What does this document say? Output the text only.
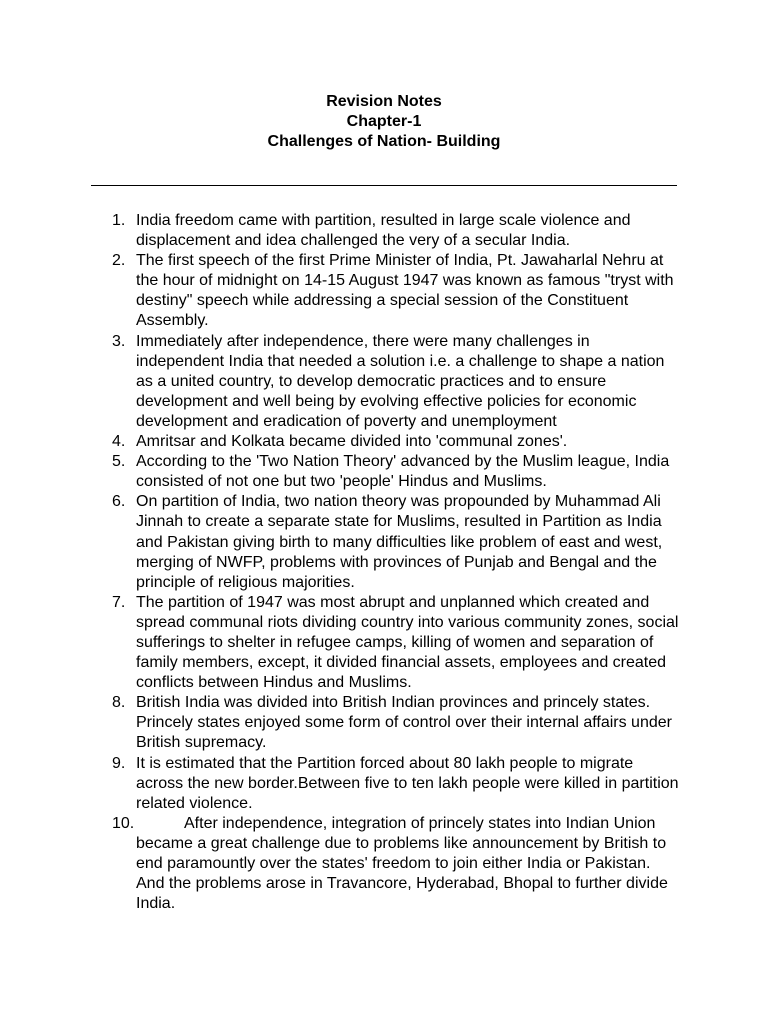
Revision Notes
Chapter-1
Challenges of Nation- Building
1. India freedom came with partition, resulted in large scale violence and displacement and idea challenged the very of a secular India.
2. The first speech of the first Prime Minister of India, Pt. Jawaharlal Nehru at the hour of midnight on 14-15 August 1947 was known as famous "tryst with destiny" speech while addressing a special session of the Constituent Assembly.
3. Immediately after independence, there were many challenges in independent India that needed a solution i.e. a challenge to shape a nation as a united country, to develop democratic practices and to ensure development and well being by evolving effective policies for economic development and eradication of poverty and unemployment
4. Amritsar and Kolkata became divided into 'communal zones'.
5. According to the 'Two Nation Theory' advanced by the Muslim league, India consisted of not one but two 'people' Hindus and Muslims.
6. On partition of India, two nation theory was propounded by Muhammad Ali Jinnah to create a separate state for Muslims, resulted in Partition as India and Pakistan giving birth to many difficulties like problem of east and west, merging of NWFP, problems with provinces of Punjab and Bengal and the principle of religious majorities.
7. The partition of 1947 was most abrupt and unplanned which created and spread communal riots dividing country into various community zones, social sufferings to shelter in refugee camps, killing of women and separation of family members, except, it divided financial assets, employees and created conflicts between Hindus and Muslims.
8. British India was divided into British Indian provinces and princely states. Princely states enjoyed some form of control over their internal affairs under British supremacy.
9. It is estimated that the Partition forced about 80 lakh people to migrate across the new border.Between five to ten lakh people were killed in partition related violence.
10.	After independence, integration of princely states into Indian Union became a great challenge due to problems like announcement by British to end paramountly over the states' freedom to join either India or Pakistan. And the problems arose in Travancore, Hyderabad, Bhopal to further divide India.
